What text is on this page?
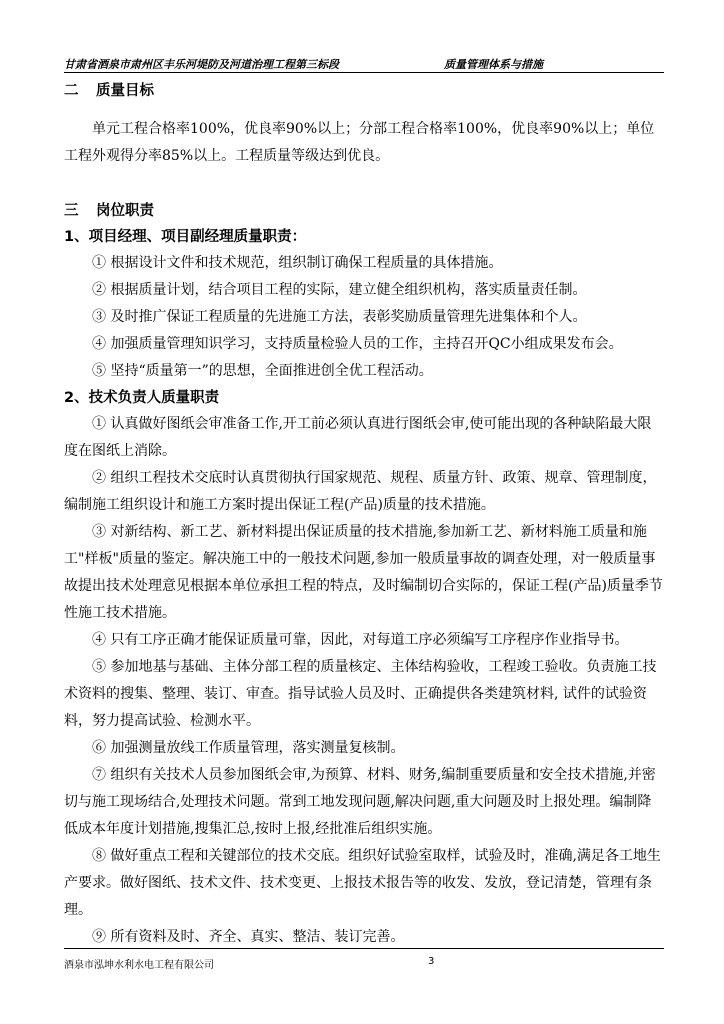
甘肃省酒泉市肃州区丰乐河堤防及河道治理工程第三标段	质量管理体系与措施
二 质量目标
单元工程合格率100%，优良率90%以上；分部工程合格率100%，优良率90%以上；单位工程外观得分率85%以上。工程质量等级达到优良。
三 岗位职责
1、项目经理、项目副经理质量职责：
① 根据设计文件和技术规范，组织制订确保工程质量的具体措施。
② 根据质量计划，结合项目工程的实际，建立健全组织机构，落实质量责任制。
③ 及时推广保证工程质量的先进施工方法，表彰奖励质量管理先进集体和个人。
④ 加强质量管理知识学习，支持质量检验人员的工作，主持召开QC小组成果发布会。
⑤ 坚持“质量第一”的思想，全面推进创全优工程活动。
2、技术负责人质量职责
① 认真做好图纸会审准备工作,开工前必须认真进行图纸会审,使可能出现的各种缺陷最大限度在图纸上消除。
② 组织工程技术交底时认真贯彻执行国家规范、规程、质量方针、政策、规章、管理制度，编制施工组织设计和施工方案时提出保证工程(产品)质量的技术措施。
③ 对新结构、新工艺、新材料提出保证质量的技术措施,参加新工艺、新材料施工质量和施工"样板"质量的鉴定。解决施工中的一般技术问题,参加一般质量事故的调查处理，对一般质量事故提出技术处理意见根据本单位承担工程的特点，及时编制切合实际的，保证工程(产品)质量季节性施工技术措施。
④ 只有工序正确才能保证质量可靠，因此，对每道工序必须编写工序程序作业指导书。
⑤ 参加地基与基础、主体分部工程的质量核定、主体结构验收，工程竣工验收。负责施工技术资料的搜集、整理、装订、审查。指导试验人员及时、正确提供各类建筑材料, 试件的试验资料，努力提高试验、检测水平。
⑥ 加强测量放线工作质量管理，落实测量复核制。
⑦ 组织有关技术人员参加图纸会审,为预算、材料、财务,编制重要质量和安全技术措施,并密切与施工现场结合,处理技术问题。常到工地发现问题,解决问题,重大问题及时上报处理。编制降低成本年度计划措施,搜集汇总,按时上报,经批准后组织实施。
⑧ 做好重点工程和关键部位的技术交底。组织好试验室取样，试验及时，准确,满足各工地生产要求。做好图纸、技术文件、技术变更、上报技术报告等的收发、发放，登记清楚，管理有条理。
⑨ 所有资料及时、齐全、真实、整洁、装订完善。
酒泉市泓坤水利水电工程有限公司	3
